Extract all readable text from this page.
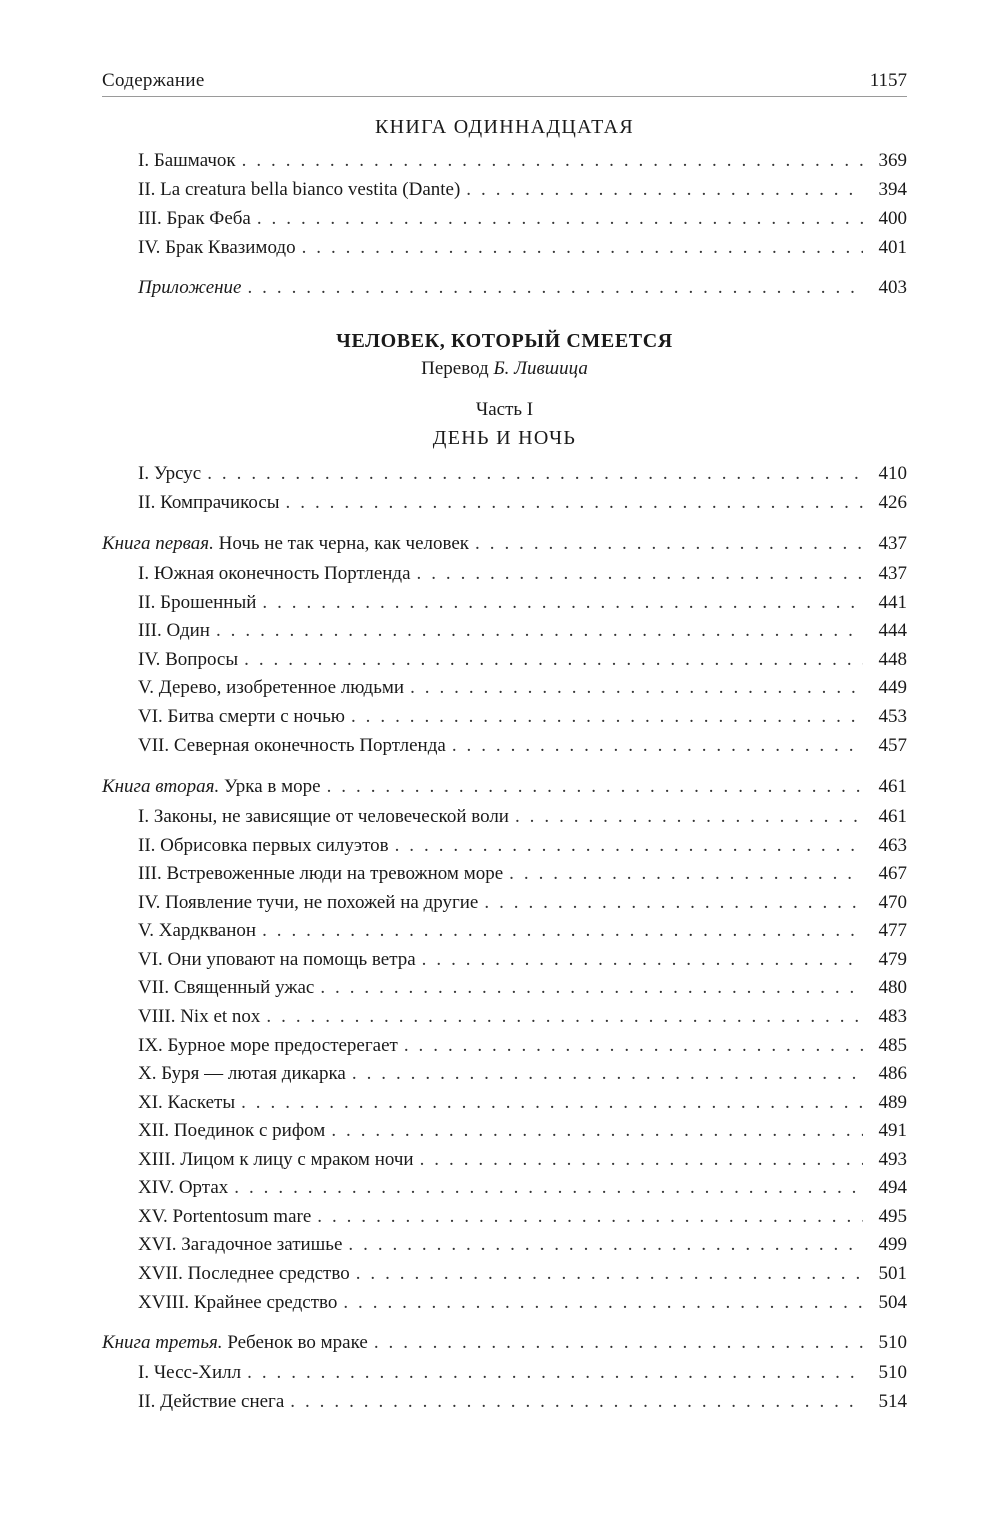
Содержание	1157
КНИГА ОДИННАДЦАТАЯ
I. Башмачок . . .	369
II. La creatura bella bianco vestita (Dante) . . .	394
III. Брак Феба . . .	400
IV. Брак Квазимодо . . .	401
Приложение . . .	403
ЧЕЛОВЕК, КОТОРЫЙ СМЕЕТСЯ
Перевод Б. Лившица
Часть I
ДЕНЬ И НОЧЬ
I. Урсус . . .	410
II. Компрачикосы . . .	426
Книга первая. Ночь не так черна, как человек . . .	437
I. Южная оконечность Портленда . . .	437
II. Брошенный . . .	441
III. Один . . .	444
IV. Вопросы . . .	448
V. Дерево, изобретенное людьми . . .	449
VI. Битва смерти с ночью . . .	453
VII. Северная оконечность Портленда . . .	457
Книга вторая. Урка в море . . .	461
I. Законы, не зависящие от человеческой воли . . .	461
II. Обрисовка первых силуэтов . . .	463
III. Встревоженные люди на тревожном море . . .	467
IV. Появление тучи, не похожей на другие . . .	470
V. Хардкванон . . .	477
VI. Они уповают на помощь ветра . . .	479
VII. Священный ужас . . .	480
VIII. Nix et nox . . .	483
IX. Бурное море предостерегает . . .	485
X. Буря — лютая дикарка . . .	486
XI. Каскеты . . .	489
XII. Поединок с рифом . . .	491
XIII. Лицом к лицу с мраком ночи . . .	493
XIV. Ортах . . .	494
XV. Portentosum mare . . .	495
XVI. Загадочное затишье . . .	499
XVII. Последнее средство . . .	501
XVIII. Крайнее средство . . .	504
Книга третья. Ребенок во мраке . . .	510
I. Чесс-Хилл . . .	510
II. Действие снега . . .	514
